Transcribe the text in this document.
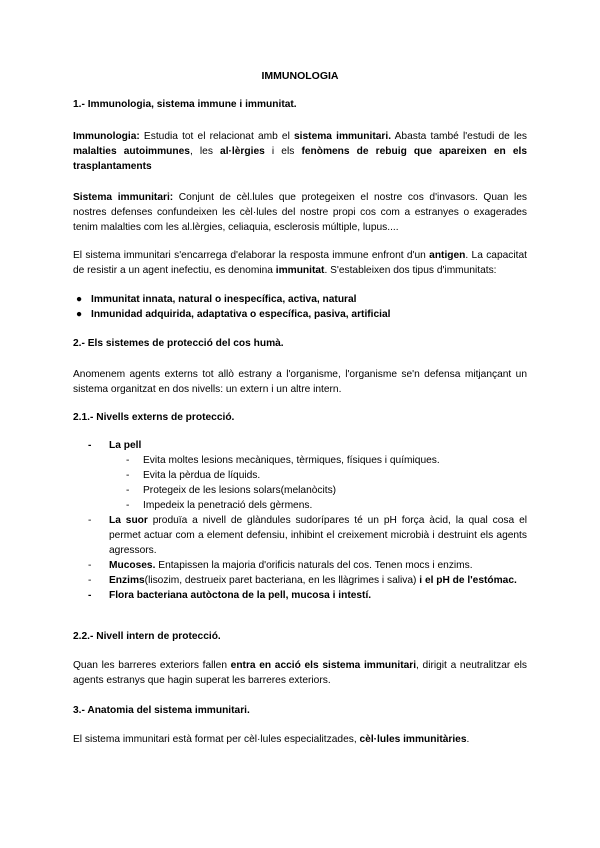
IMMUNOLOGIA
1.- Immunologia, sistema immune i immunitat.

Immunologia: Estudia tot el relacionat amb el sistema immunitari. Abasta també l'estudi de les malalties autoimmunes, les al·lèrgies i els fenòmens de rebuig que apareixen en els trasplantaments

Sistema immunitari: Conjunt de cèl.lules que protegeixen el nostre cos d'invasors. Quan les nostres defenses confundeixen les cèl·lules del nostre propi cos com a estranyes o exagerades tenim malalties com les al.lèrgies, celiaquia, esclerosis múltiple, lupus....

El sistema immunitari s'encarrega d'elaborar la resposta immune enfront d'un antigen. La capacitat de resistir a un agent inefectiu, es denomina immunitat. S'estableixen dos tipus d'immunitats:

● Immunitat innata, natural o inespecífica, activa, natural
● Inmunidad adquirida, adaptativa o específica, pasiva, artificial
2.- Els sistemes de protecció del cos humà.

Anomenem agents externs tot allò estrany a l'organisme, l'organisme se'n defensa mitjançant un sistema organitzat en dos nivells: un extern i un altre intern.

2.1.- Nivells externs de protecció.
- La pell
- Evita moltes lesions mecàniques, tèrmiques, físiques i químiques.
- Evita la pèrdua de líquids.
- Protegeix de les lesions solars(melanòcits)
- Impedeix la penetració dels gèrmens.
- La suor produïa a nivell de glàndules sudorípares té un pH força àcid, la qual cosa el permet actuar com a element defensiu, inhibint el creixement microbià i destruint els agents agressors.
- Mucoses. Entapissen la majoria d'orificis naturals del cos. Tenen mocs i enzims.
- Enzims(lisozim, destrueix paret bacteriana, en les llàgrimes i saliva) i el pH de l'estómac.
- Flora bacteriana autòctona de la pell, mucosa i intestí.
2.2.- Nivell intern de protecció.

Quan les barreres exteriors fallen entra en acció els sistema immunitari, dirigit a neutralitzar els agents estranys que hagin superat les barreres exteriors.

3.- Anatomia del sistema immunitari.

El sistema immunitari està format per cèl·lules especialitzades, cèl·lules immunitàries.
